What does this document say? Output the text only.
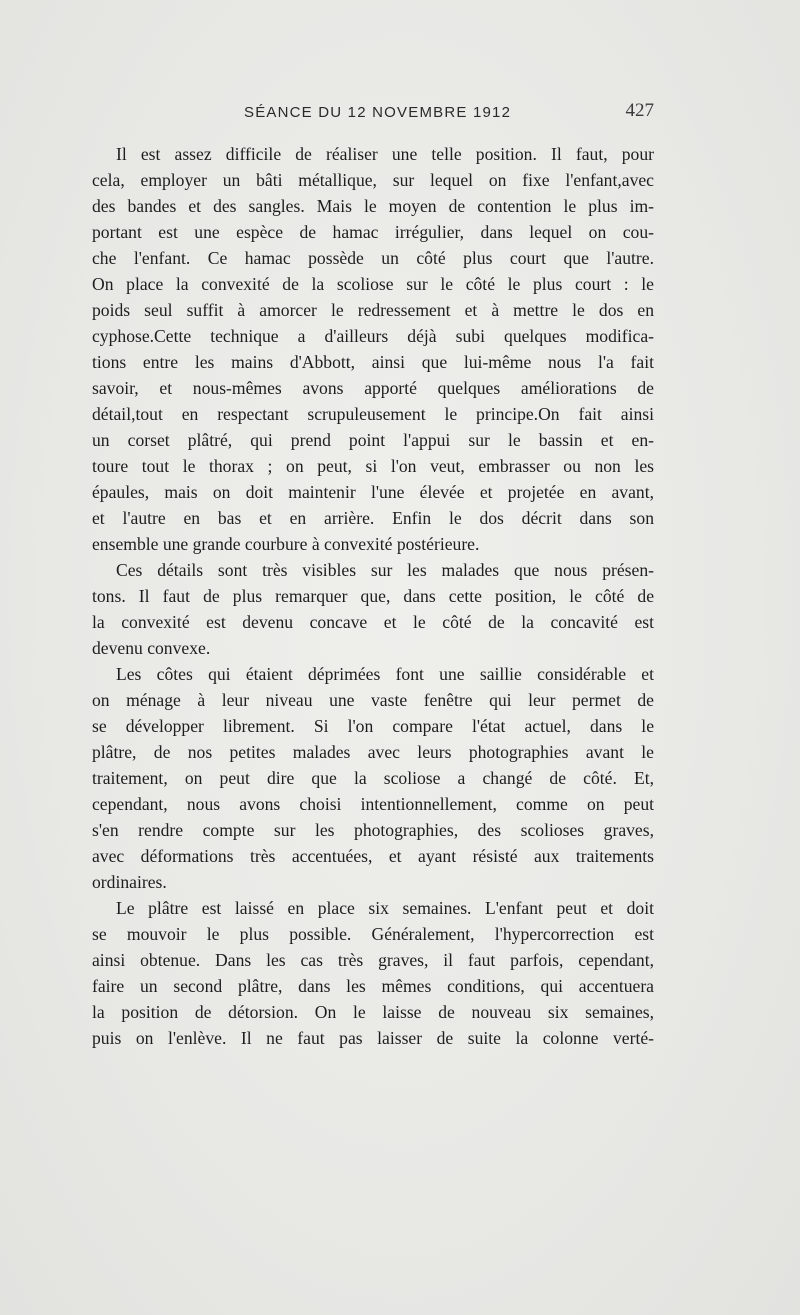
SÉANCE DU 12 NOVEMBRE 1912	427
Il est assez difficile de réaliser une telle position. Il faut, pour
cela, employer un bâti métallique, sur lequel on fixe l'enfant,avec
des bandes et des sangles. Mais le moyen de contention le plus im-
portant est une espèce de hamac irrégulier, dans lequel on cou-
che l'enfant. Ce hamac possède un côté plus court que l'autre.
On place la convexité de la scoliose sur le côté le plus court : le
poids seul suffit à amorcer le redressement et à mettre le dos en
cyphose.Cette technique a d'ailleurs déjà subi quelques modifica-
tions entre les mains d'Abbott, ainsi que lui-même nous l'a fait
savoir, et nous-mêmes avons apporté quelques améliorations de
détail,tout en respectant scrupuleusement le principe.On fait ainsi
un corset plâtré, qui prend point l'appui sur le bassin et en-
toure tout le thorax ; on peut, si l'on veut, embrasser ou non les
épaules, mais on doit maintenir l'une élevée et projetée en avant,
et l'autre en bas et en arrière. Enfin le dos décrit dans son
ensemble une grande courbure à convexité postérieure.
Ces détails sont très visibles sur les malades que nous présen-
tons. Il faut de plus remarquer que, dans cette position, le côté de
la convexité est devenu concave et le côté de la concavité est
devenu convexe.
Les côtes qui étaient déprimées font une saillie considérable et
on ménage à leur niveau une vaste fenêtre qui leur permet de
se développer librement. Si l'on compare l'état actuel, dans le
plâtre, de nos petites malades avec leurs photographies avant le
traitement, on peut dire que la scoliose a changé de côté. Et,
cependant, nous avons choisi intentionnellement, comme on peut
s'en rendre compte sur les photographies, des scolioses graves,
avec déformations très accentuées, et ayant résisté aux traitements
ordinaires.
Le plâtre est laissé en place six semaines. L'enfant peut et doit
se mouvoir le plus possible. Généralement, l'hypercorrection est
ainsi obtenue. Dans les cas très graves, il faut parfois, cependant,
faire un second plâtre, dans les mêmes conditions, qui accentuera
la position de détorsion. On le laisse de nouveau six semaines,
puis on l'enlève. Il ne faut pas laisser de suite la colonne verté-
